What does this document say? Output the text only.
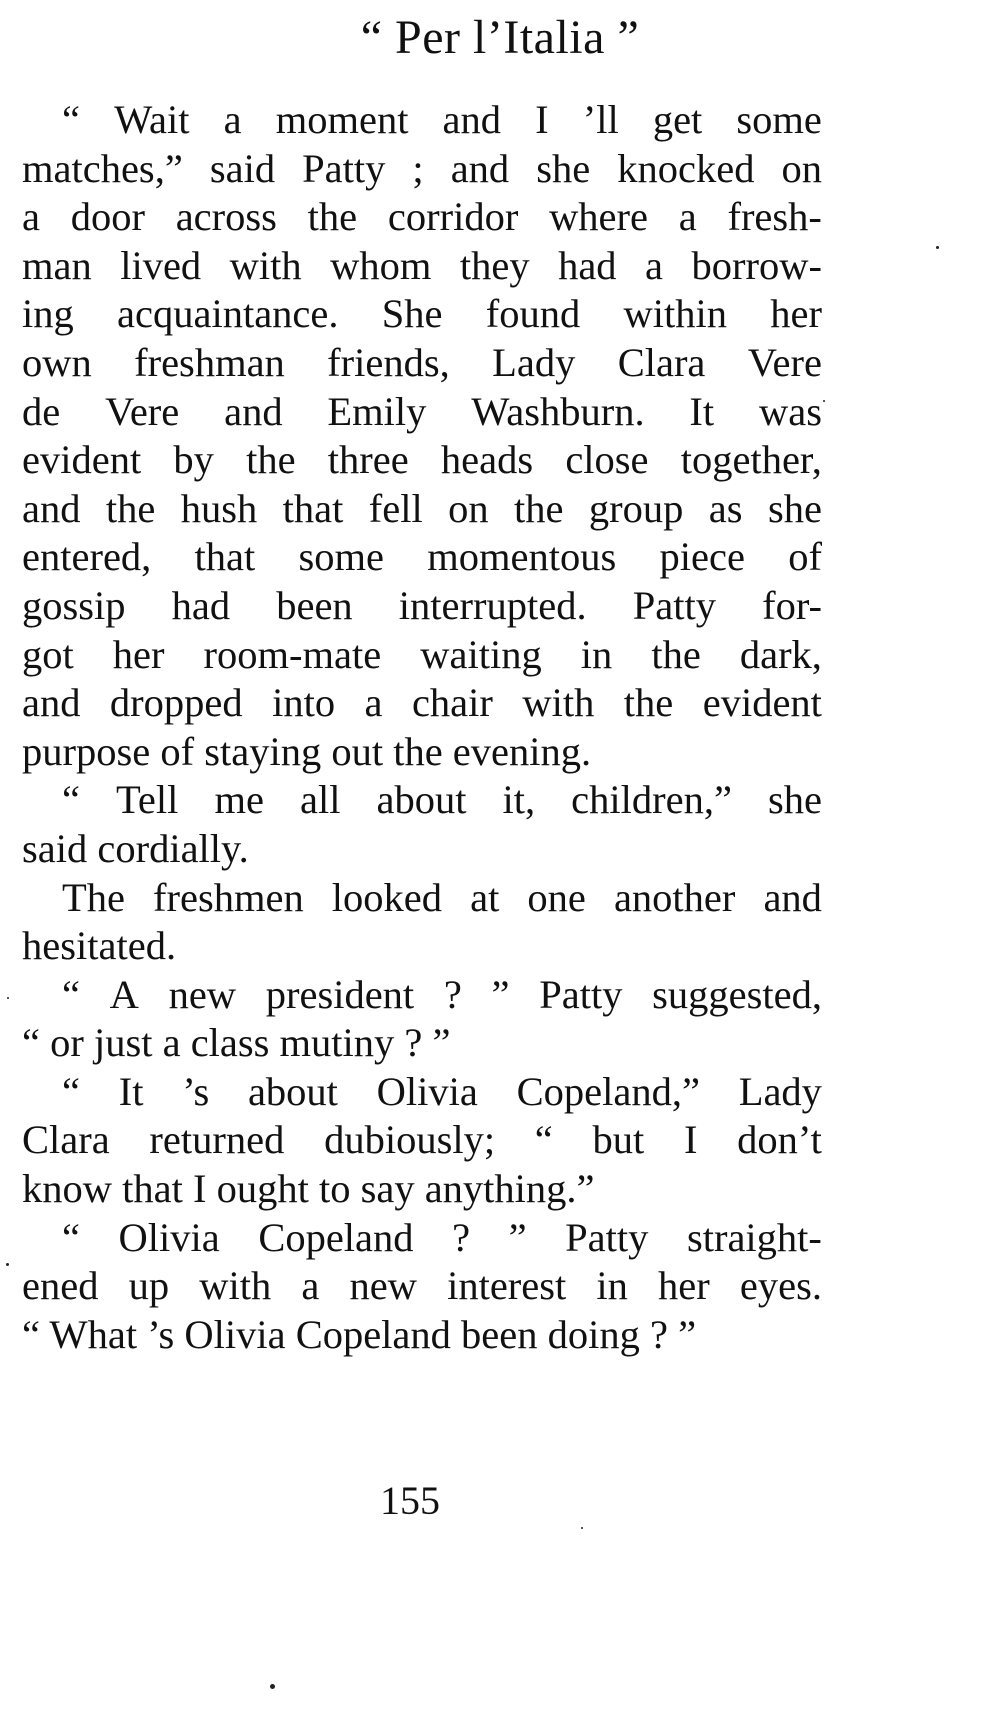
“ Per l’Italia ”
“ Wait a moment and I ’ll get some
matches,” said Patty ; and she knocked on
a door across the corridor where a fresh-
man lived with whom they had a borrow-
ing acquaintance. She found within her
own freshman friends, Lady Clara Vere
de Vere and Emily Washburn. It was
evident by the three heads close together,
and the hush that fell on the group as she
entered, that some momentous piece of
gossip had been interrupted. Patty for-
got her room-mate waiting in the dark,
and dropped into a chair with the evident
purpose of staying out the evening.
“ Tell me all about it, children,” she
said cordially.
The freshmen looked at one another and
hesitated.
“ A new president ? ” Patty suggested,
“ or just a class mutiny ? ”
“ It ’s about Olivia Copeland,” Lady
Clara returned dubiously; “ but I don’t
know that I ought to say anything.”
“ Olivia Copeland ? ” Patty straight-
ened up with a new interest in her eyes.
“ What ’s Olivia Copeland been doing ? ”
155
